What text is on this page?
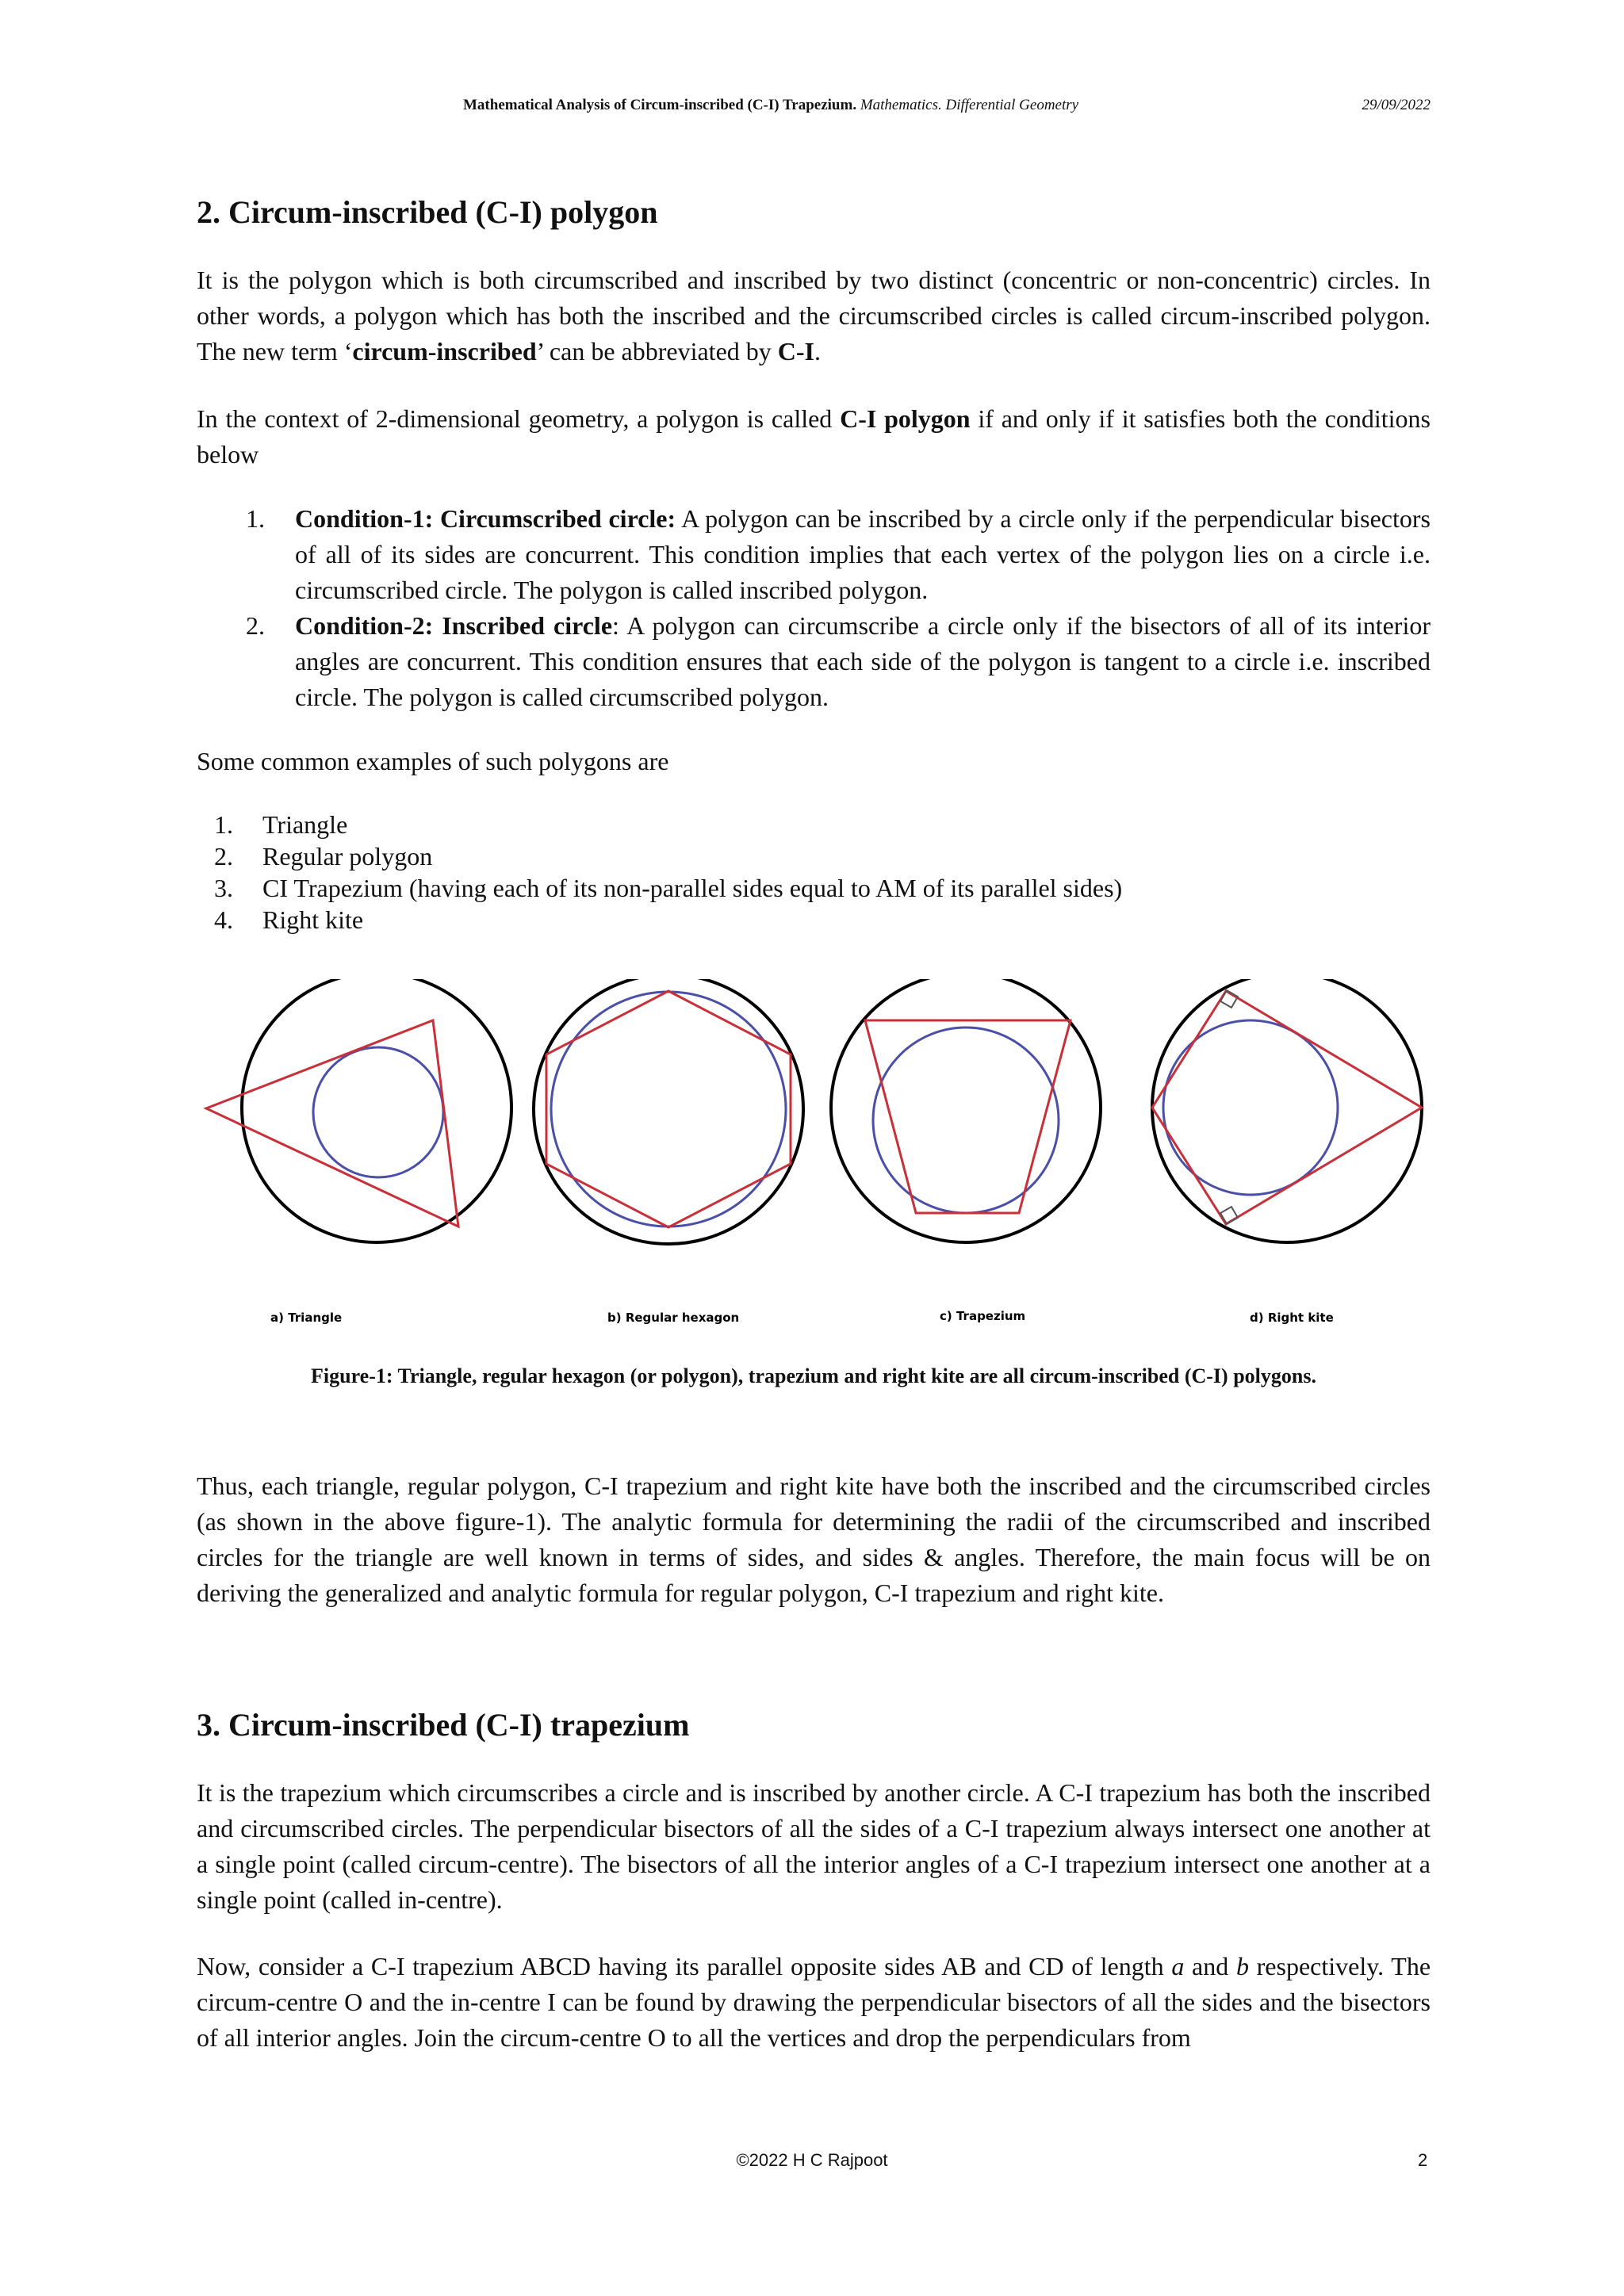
Mathematical Analysis of Circum-inscribed (C-I) Trapezium. Mathematics. Differential Geometry	29/09/2022
2. Circum-inscribed (C-I) polygon

It is the polygon which is both circumscribed and inscribed by two distinct (concentric or non-concentric) circles. In other words, a polygon which has both the inscribed and the circumscribed circles is called circum-inscribed polygon. The new term ‘circum-inscribed’ can be abbreviated by C-I.

In the context of 2-dimensional geometry, a polygon is called C-I polygon if and only if it satisfies both the conditions below

1. Condition-1: Circumscribed circle: A polygon can be inscribed by a circle only if the perpendicular bisectors of all of its sides are concurrent. This condition implies that each vertex of the polygon lies on a circle i.e. circumscribed circle. The polygon is called inscribed polygon.
2. Condition-2: Inscribed circle: A polygon can circumscribe a circle only if the bisectors of all of its interior angles are concurrent. This condition ensures that each side of the polygon is tangent to a circle i.e. inscribed circle. The polygon is called circumscribed polygon.

Some common examples of such polygons are

1. Triangle
2. Regular polygon
3. CI Trapezium (having each of its non-parallel sides equal to AM of its parallel sides)
4. Right kite
a) Triangle	b) Regular hexagon	c) Trapezium	d) Right kite
Figure-1: Triangle, regular hexagon (or polygon), trapezium and right kite are all circum-inscribed (C-I) polygons.

Thus, each triangle, regular polygon, C-I trapezium and right kite have both the inscribed and the circumscribed circles (as shown in the above figure-1). The analytic formula for determining the radii of the circumscribed and inscribed circles for the triangle are well known in terms of sides, and sides & angles. Therefore, the main focus will be on deriving the generalized and analytic formula for regular polygon, C-I trapezium and right kite.

3. Circum-inscribed (C-I) trapezium

It is the trapezium which circumscribes a circle and is inscribed by another circle. A C-I trapezium has both the inscribed and circumscribed circles. The perpendicular bisectors of all the sides of a C-I trapezium always intersect one another at a single point (called circum-centre). The bisectors of all the interior angles of a C-I trapezium intersect one another at a single point (called in-centre).

Now, consider a C-I trapezium ABCD having its parallel opposite sides AB and CD of length a and b respectively. The circum-centre O and the in-centre I can be found by drawing the perpendicular bisectors of all the sides and the bisectors of all interior angles. Join the circum-centre O to all the vertices and drop the perpendiculars from

©2022 H C Rajpoot	2
